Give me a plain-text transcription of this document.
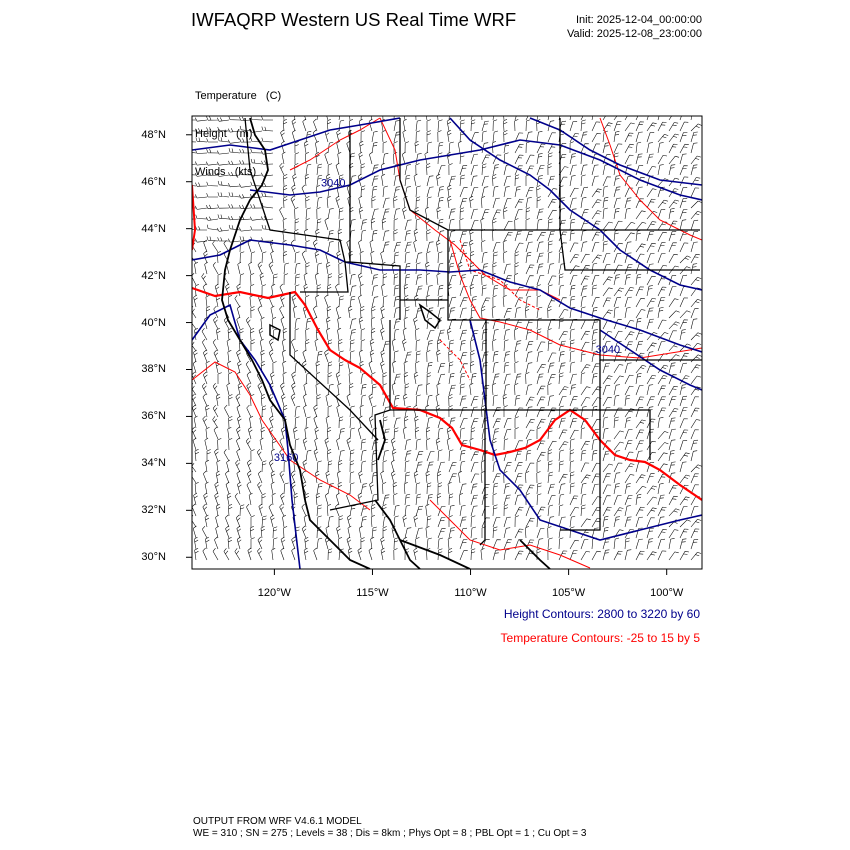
IWFAQRP Western US Real Time WRF	Init: 2025-12-04_00:00:00
Valid: 2025-12-08_23:00:00

Temperature   (C)

Height   (m)

Winds   (kts)

3040
3040
3160
120°W	115°W	110°W	105°W	100°W
30°N
32°N
34°N
36°N
38°N
40°N
42°N
44°N
46°N
48°N
Height Contours: 2800 to 3220 by 60
Temperature Contours: -25 to 15 by 5
OUTPUT FROM WRF V4.6.1 MODEL
WE = 310 ; SN = 275 ; Levels = 38 ; Dis = 8km ; Phys Opt = 8 ; PBL Opt = 1 ; Cu Opt = 3
